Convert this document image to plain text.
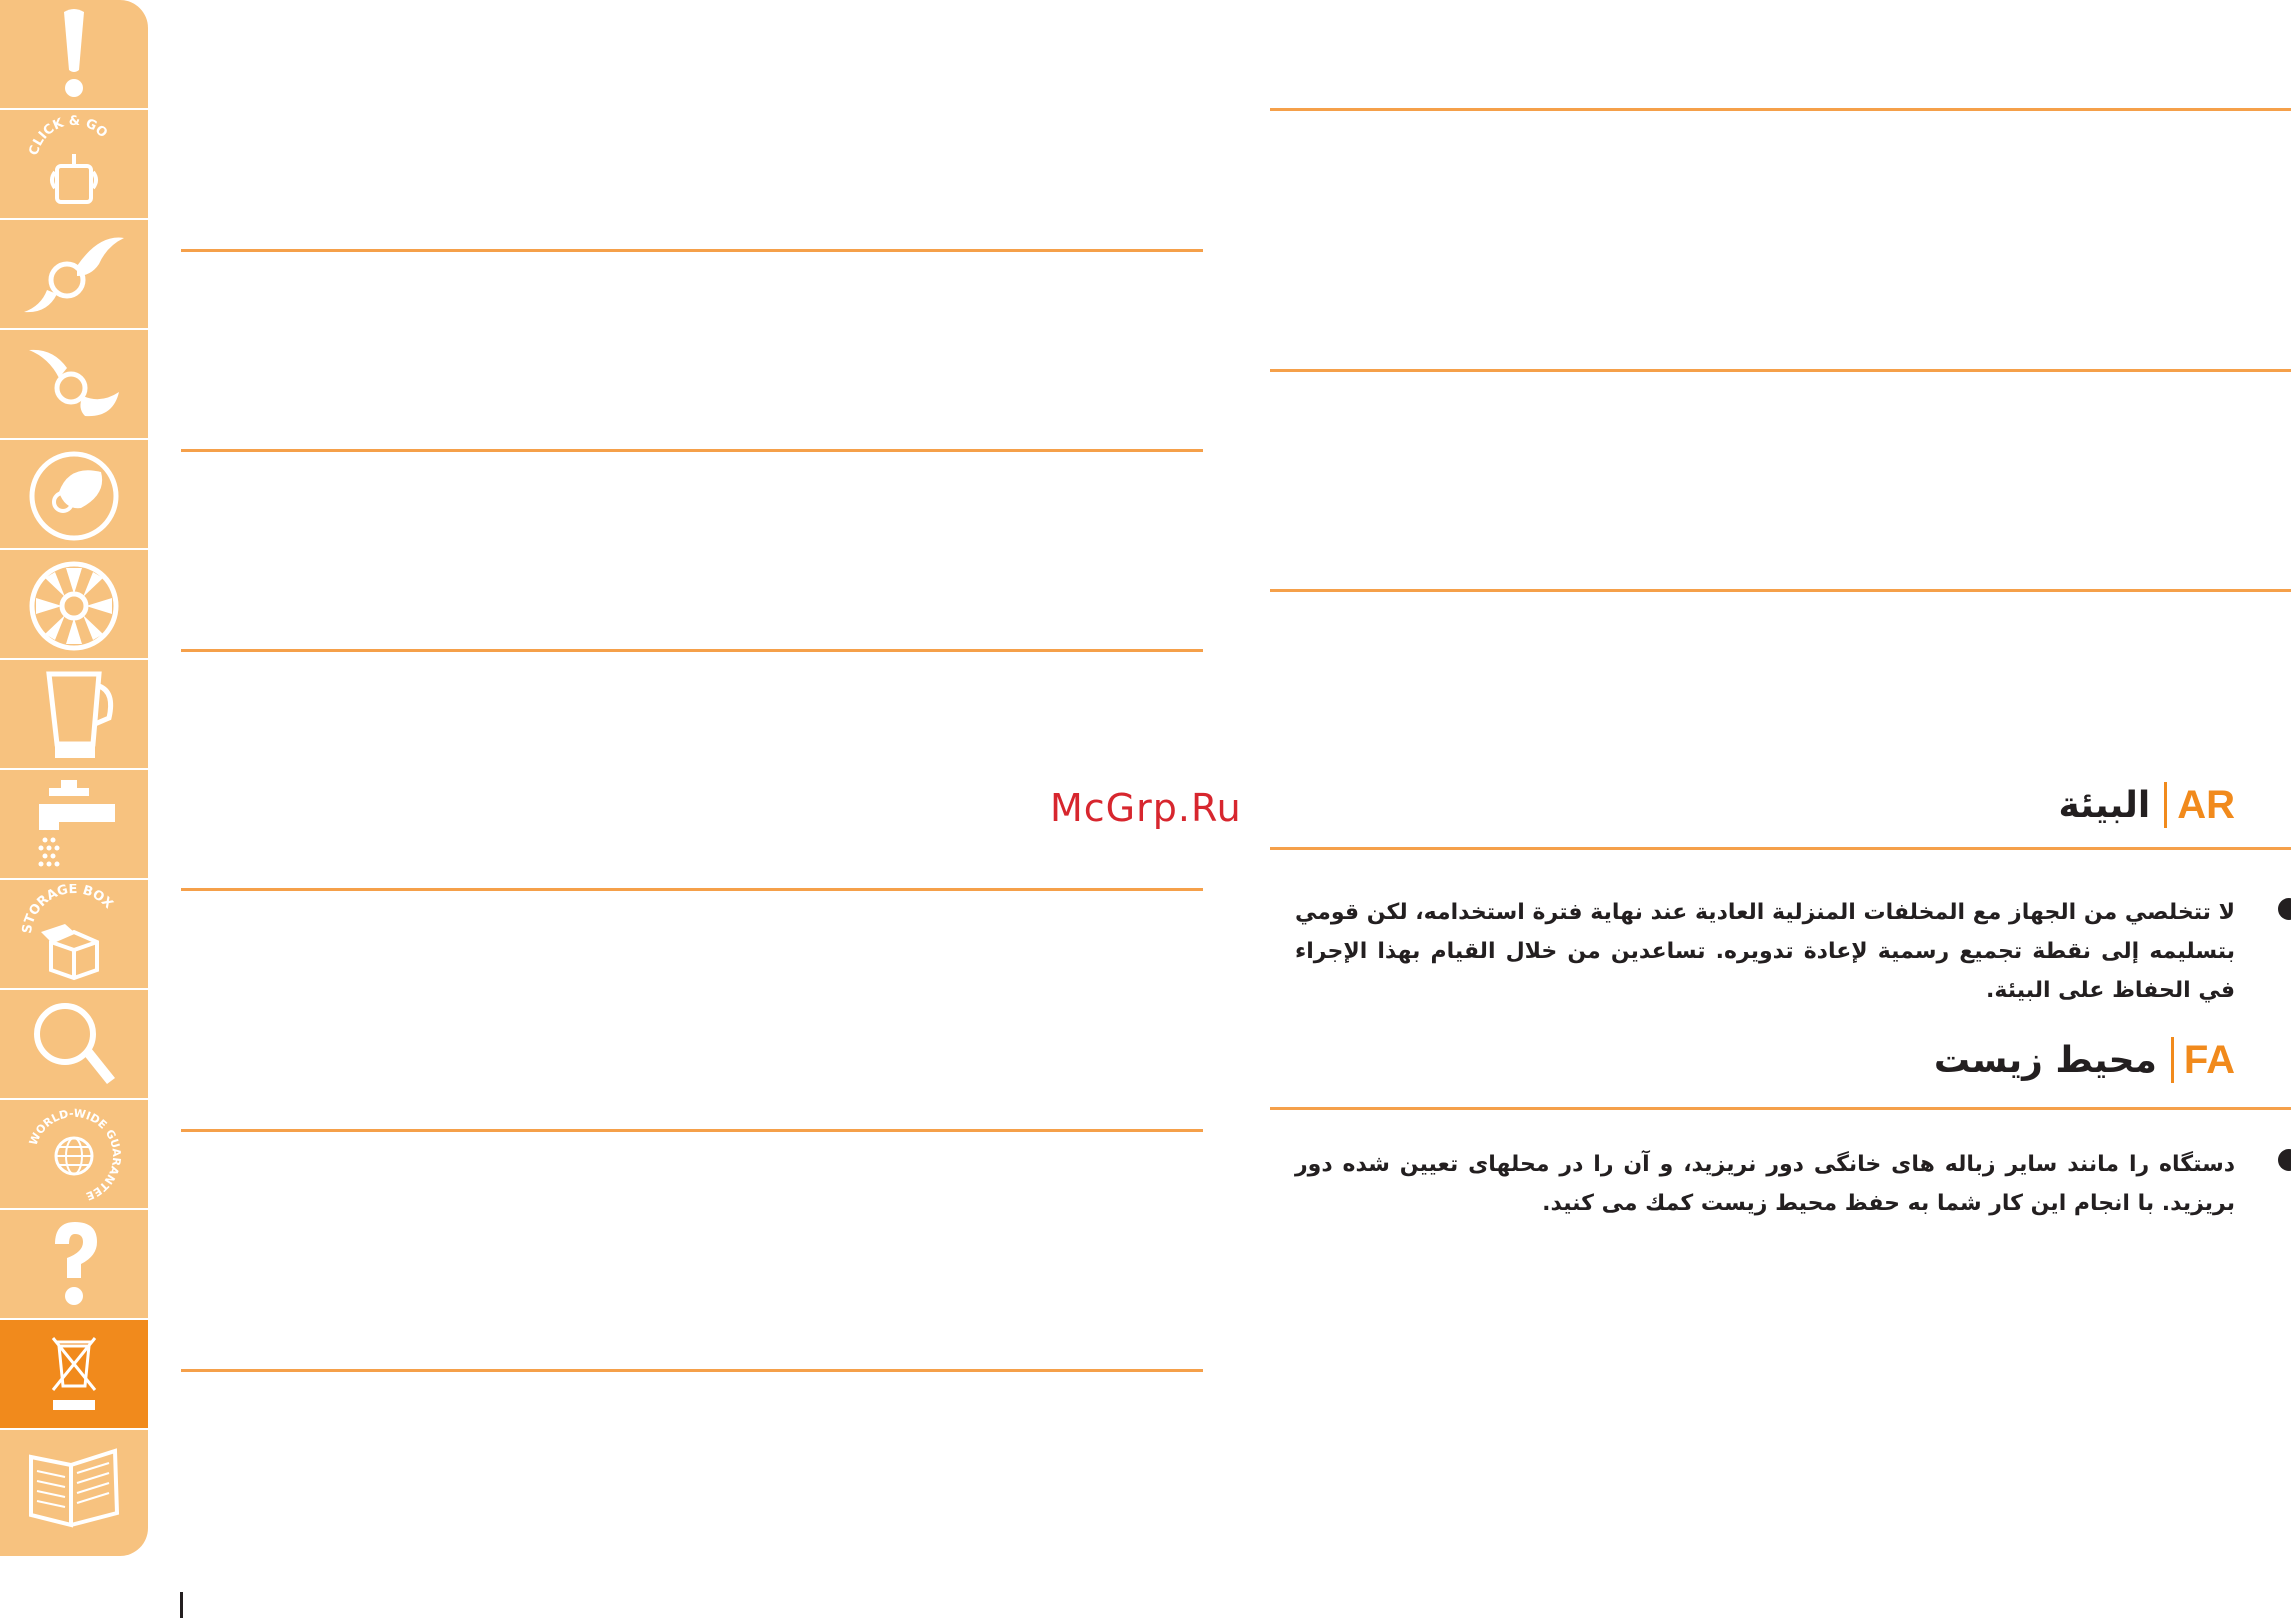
CLICK & GO
STORAGE BOX
WORLD-WIDE GUARANTEE
McGrp.Ru	البيئة AR
لا تتخلصي من الجهاز مع المخلفات المنزلية العادية عند نهاية فترة استخدامه، لكن قومي بتسليمه إلى نقطة تجميع رسمية لإعادة تدويره. تساعدين من خلال القيام بهذا الإجراء في الحفاظ على البيئة.
محیط زیست FA
دستگاه را مانند سایر زباله های خانگی دور نریزید، و آن را در محلهای تعیین شده دور بریزید. با انجام این کار شما به حفظ محیط زیست کمك می کنید.
